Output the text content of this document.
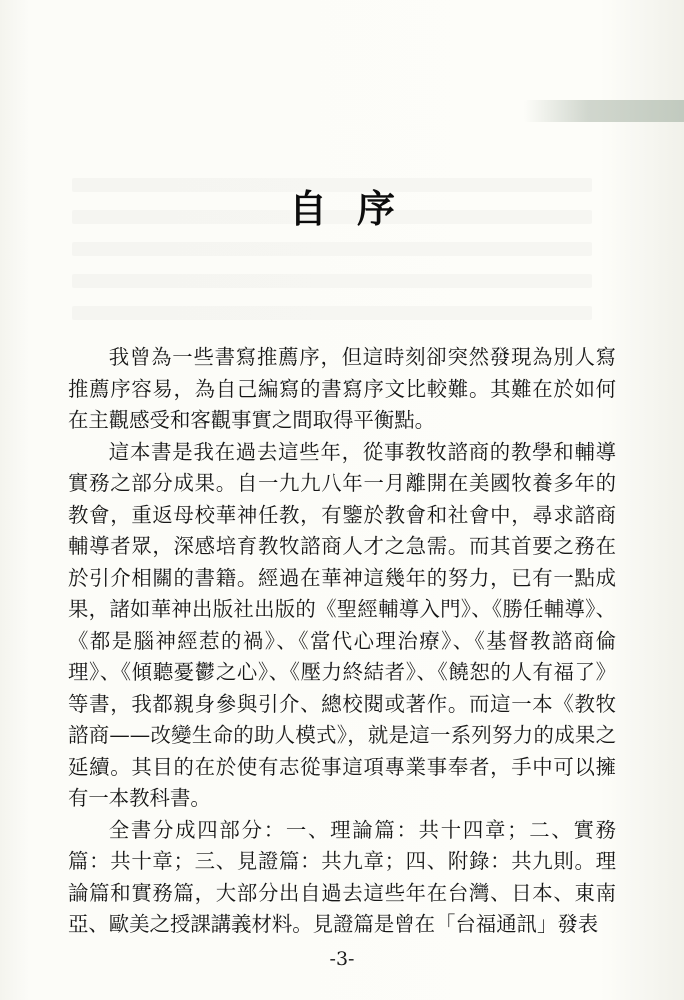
自序

我曾為一些書寫推薦序，但這時刻卻突然發現為別人寫推薦序容易，為自己編寫的書寫序文比較難。其難在於如何在主觀感受和客觀事實之間取得平衡點。

這本書是我在過去這些年，從事教牧諮商的教學和輔導實務之部分成果。自一九九八年一月離開在美國牧養多年的教會，重返母校華神任教，有鑒於教會和社會中，尋求諮商輔導者眾，深感培育教牧諮商人才之急需。而其首要之務在於引介相關的書籍。經過在華神這幾年的努力，已有一點成果，諸如華神出版社出版的《聖經輔導入門》、《勝任輔導》、《都是腦神經惹的禍》、《當代心理治療》、《基督教諮商倫理》、《傾聽憂鬱之心》、《壓力終結者》、《饒恕的人有福了》等書，我都親身參與引介、總校閱或著作。而這一本《教牧諮商——改變生命的助人模式》，就是這一系列努力的成果之延續。其目的在於使有志從事這項專業事奉者，手中可以擁有一本教科書。

全書分成四部分：一、理論篇：共十四章；二、實務篇：共十章；三、見證篇：共九章；四、附錄：共九則。理論篇和實務篇，大部分出自過去這些年在台灣、日本、東南亞、歐美之授課講義材料。見證篇是曾在「台福通訊」發表

-3-
